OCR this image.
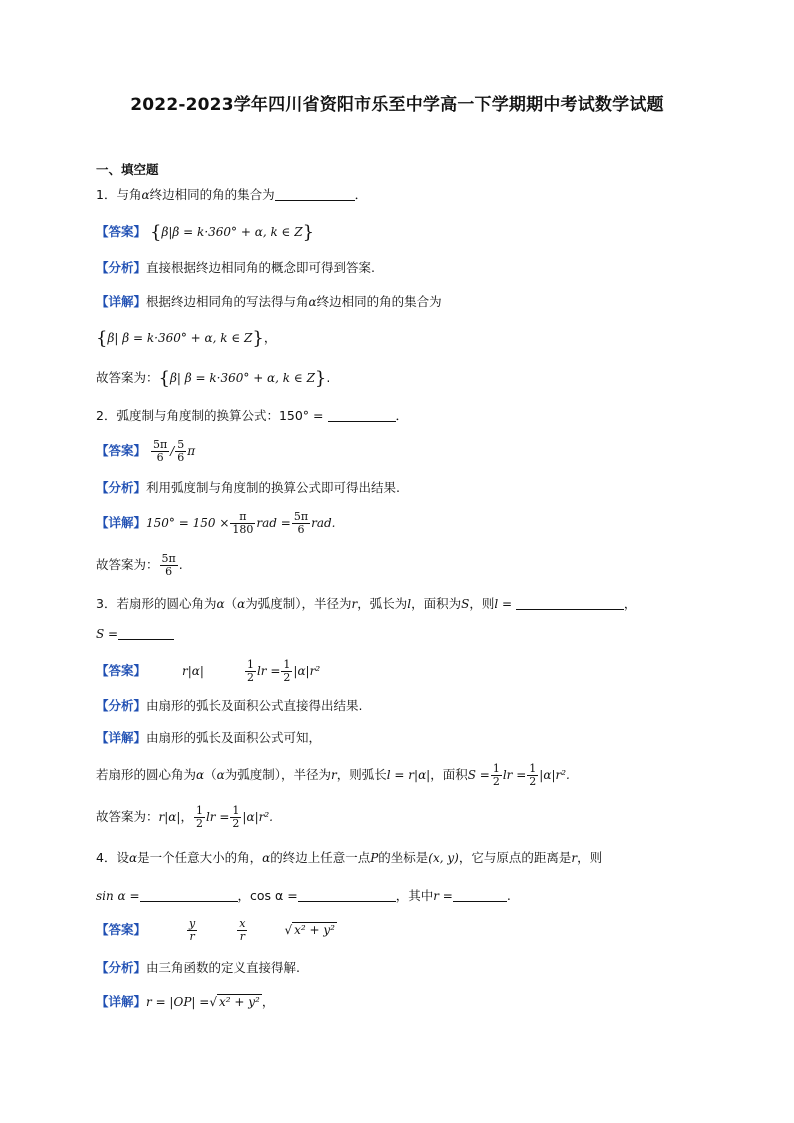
2022-2023学年四川省资阳市乐至中学高一下学期期中考试数学试题
一、填空题
1．与角α终边相同的角的集合为	．
【答案】 {β|β = k·360° + α, k ∈ Z}
【分析】直接根据终边相同角的概念即可得到答案.
【详解】根据终边相同角的写法得与角α终边相同的角的集合为
{β| β = k·360° + α, k ∈ Z}，
故答案为：{β| β = k·360° + α, k ∈ Z}.
2．弧度制与角度制的换算公式：150° =	．
【答案】 $\frac{5\pi}{6} / \frac{5}{6}$ π
【分析】利用弧度制与角度制的换算公式即可得出结果.
【详解】$150^\circ = 150 \times \frac{\pi}{180}$ rad = $\frac{5\pi}{6}$ rad.
故答案为： $\frac{5\pi}{6}$ .
3．若扇形的圆心角为α（α为弧度制），半径为r，弧长为l，面积为S，则l =	，
S =
【答案】	r|α|	$\frac{1}{2}$ lr = $\frac{1}{2} |\alpha|r^2$
【分析】由扇形的弧长及面积公式直接得出结果.
【详解】由扇形的弧长及面积公式可知，
若扇形的圆心角为α（α为弧度制），半径为r，则弧长l = r|α|，面积$S = \frac{1}{2}$ lr = $\frac{1}{2} |\alpha|r^2$.
故答案为：r|α|， $\frac{1}{2}$ lr = $\frac{1}{2} |\alpha|r^2$.
4．设α是一个任意大小的角，α的终边上任意一点P的坐标是(x, y)，它与原点的距离是r，则
sin α =	，cos α =	，其中r =	.
【答案】	$\frac{y}{r}$	$\frac{x}{r}$	√ x² + y²
【分析】由三角函数的定义直接得解.
【详解】r = |OP| =√ x² + y² ，
